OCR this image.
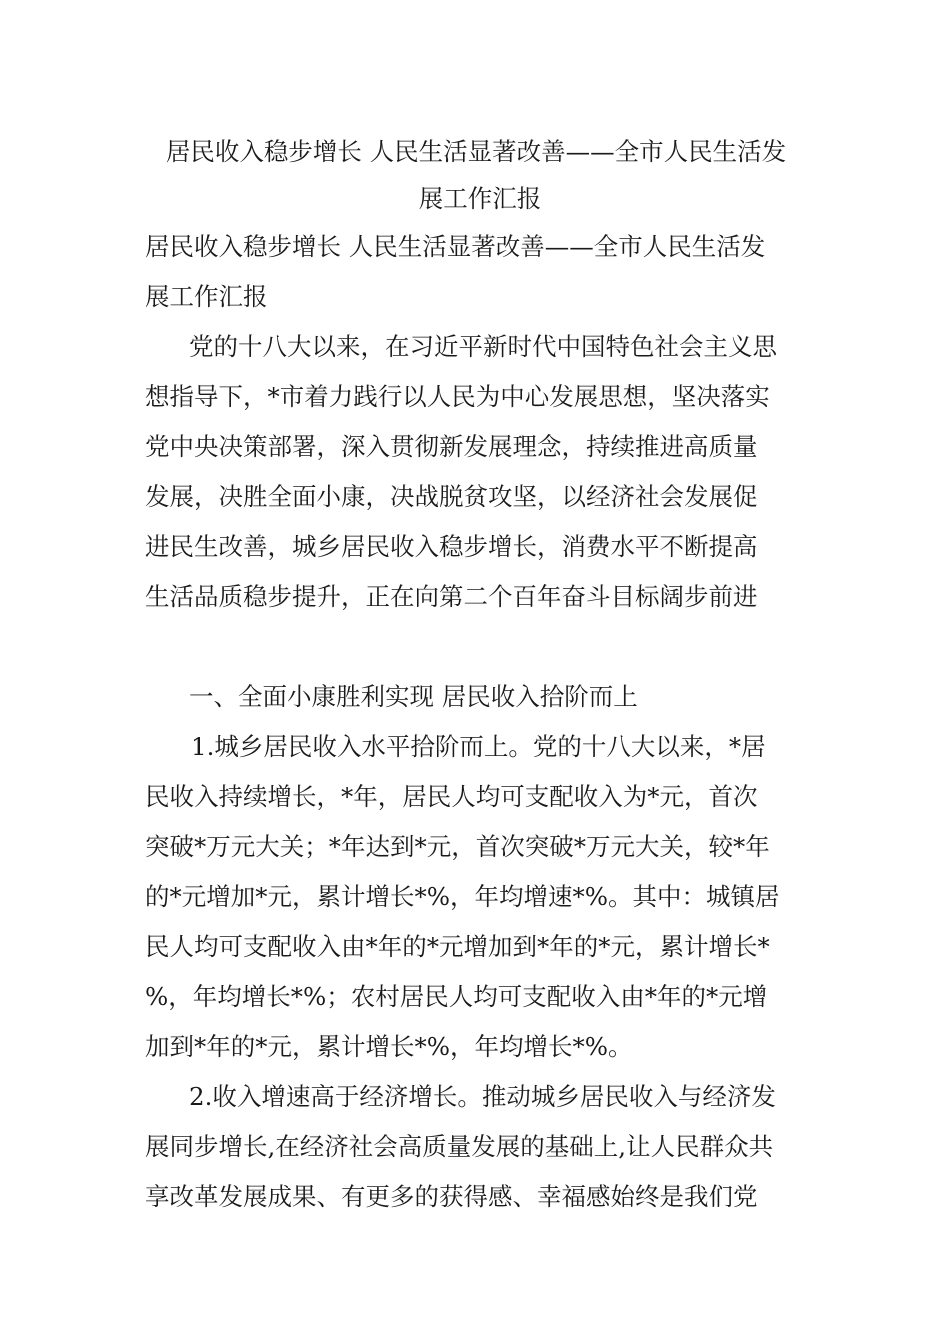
居民收入稳步增长 人民生活显著改善——全市人民生活发
展工作汇报
居民收入稳步增长 人民生活显著改善——全市人民生活发
展工作汇报
党的十八大以来，在习近平新时代中国特色社会主义思
想指导下，*市着力践行以人民为中心发展思想，坚决落实
党中央决策部署，深入贯彻新发展理念，持续推进高质量
发展，决胜全面小康，决战脱贫攻坚，以经济社会发展促
进民生改善，城乡居民收入稳步增长，消费水平不断提高
生活品质稳步提升，正在向第二个百年奋斗目标阔步前进
一、全面小康胜利实现 居民收入拾阶而上
1.城乡居民收入水平拾阶而上。党的十八大以来，*居
民收入持续增长，*年，居民人均可支配收入为*元，首次
突破*万元大关；*年达到*元，首次突破*万元大关，较*年
的*元增加*元，累计增长*%，年均增速*%。其中：城镇居
民人均可支配收入由*年的*元增加到*年的*元，累计增长*
%，年均增长*%；农村居民人均可支配收入由*年的*元增
加到*年的*元，累计增长*%，年均增长*%。
2.收入增速高于经济增长。推动城乡居民收入与经济发
展同步增长,在经济社会高质量发展的基础上,让人民群众共
享改革发展成果、有更多的获得感、幸福感始终是我们党
